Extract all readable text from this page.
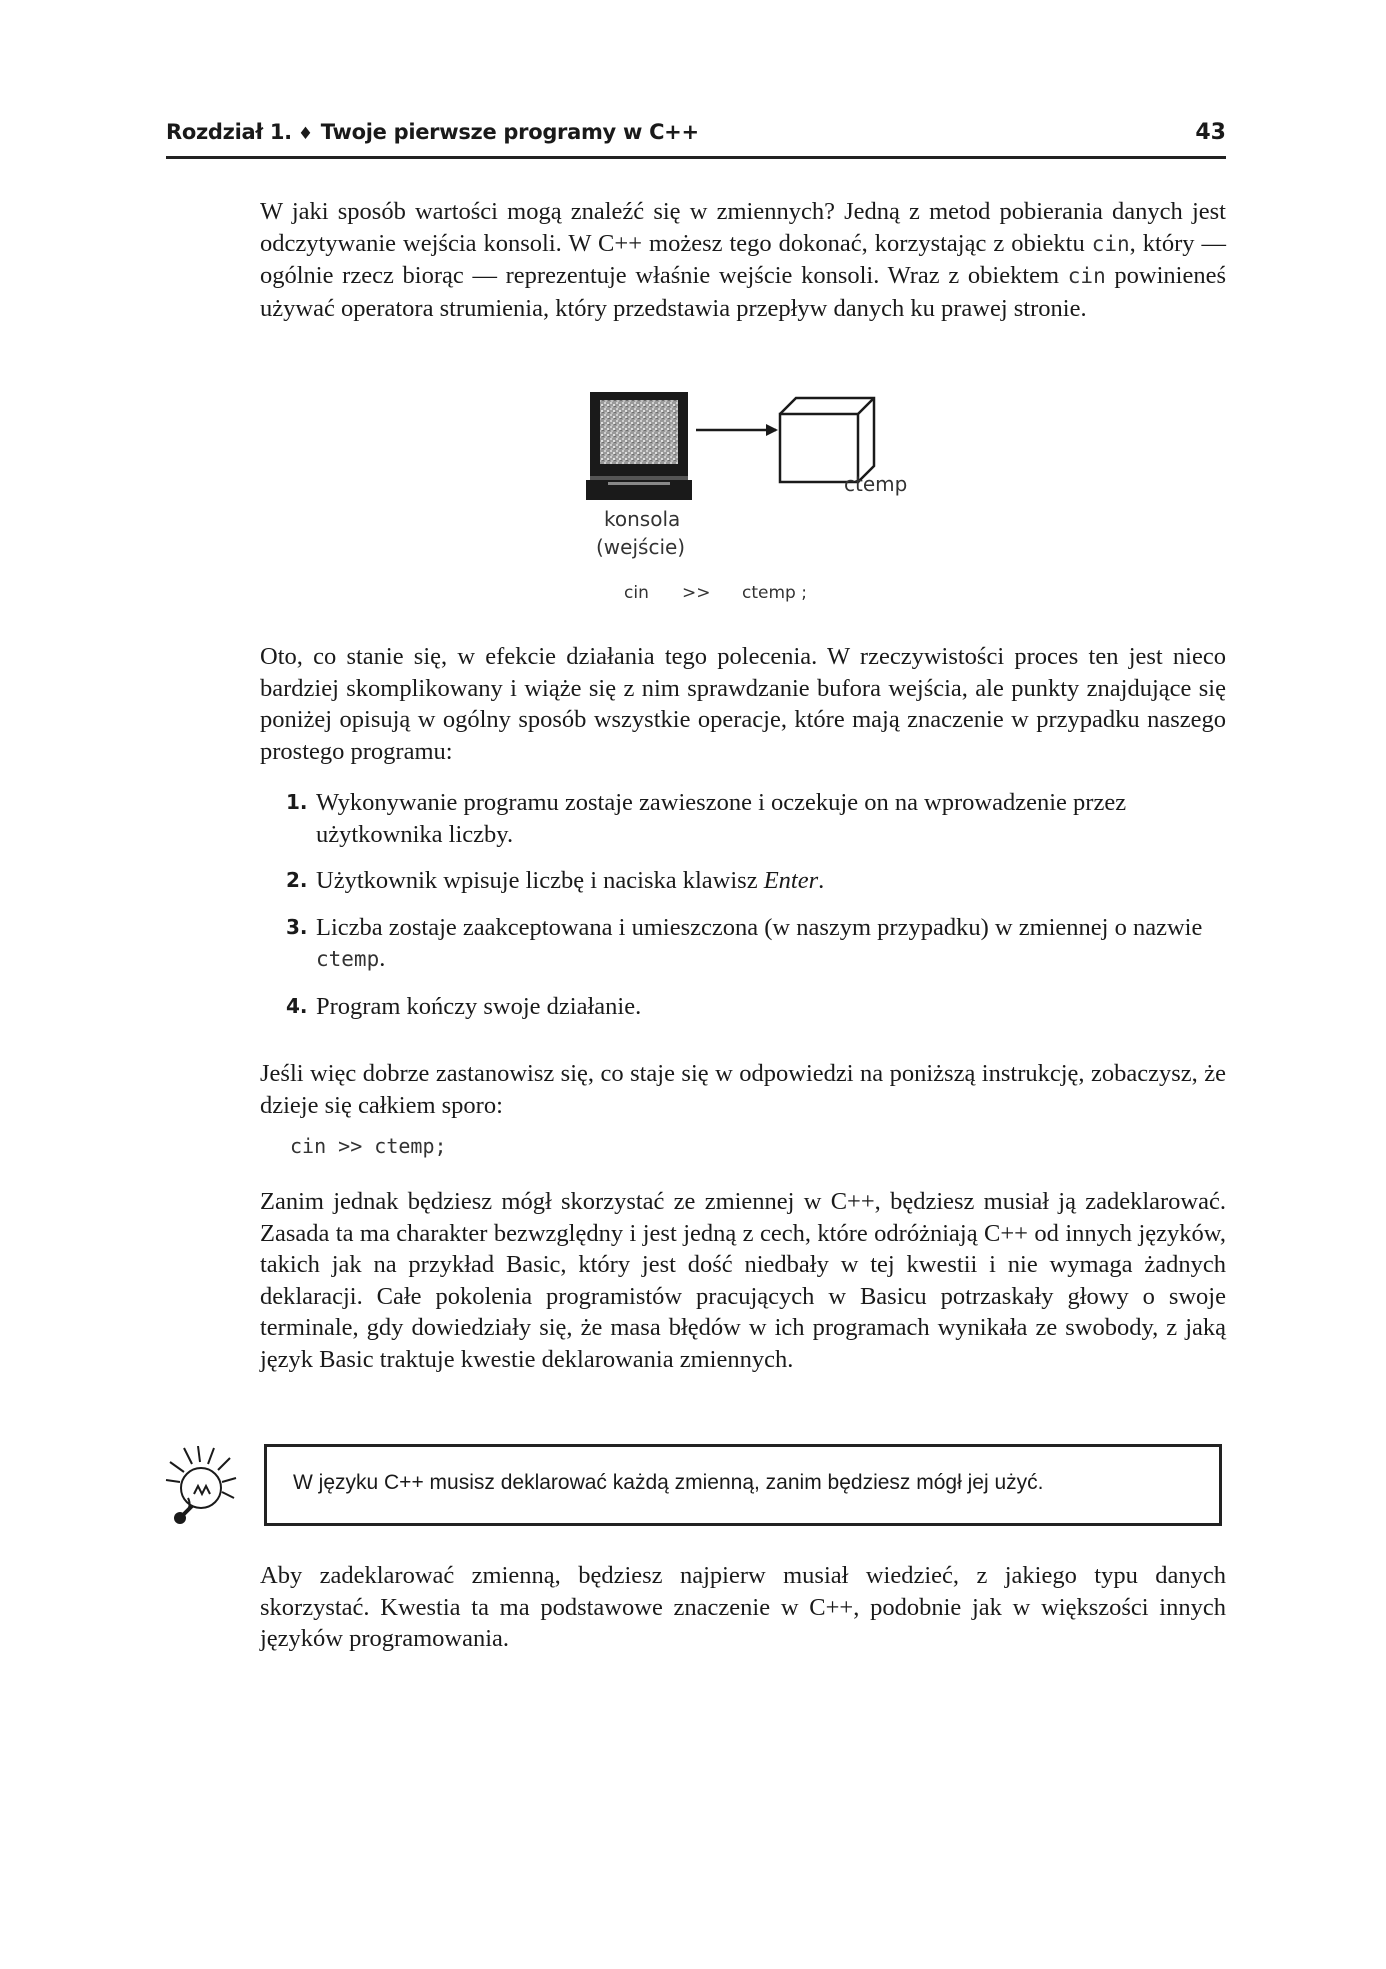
Rozdział 1. ♦ Twoje pierwsze programy w C++	43

W jaki sposób wartości mogą znaleźć się w zmiennych? Jedną z metod pobierania danych jest odczytywanie wejścia konsoli. W C++ możesz tego dokonać, korzystając z obiektu cin, który — ogólnie rzecz biorąc — reprezentuje właśnie wejście konsoli. Wraz z obiektem cin powinieneś używać operatora strumienia, który przedstawia przepływ danych ku prawej stronie.

ctemp
konsola
(wejście)
cin >> ctemp ;

Oto, co stanie się, w efekcie działania tego polecenia. W rzeczywistości proces ten jest nieco bardziej skomplikowany i wiąże się z nim sprawdzanie bufora wejścia, ale punkty znajdujące się poniżej opisują w ogólny sposób wszystkie operacje, które mają znaczenie w przypadku naszego prostego programu:

1. Wykonywanie programu zostaje zawieszone i oczekuje on na wprowadzenie przez użytkownika liczby.
2. Użytkownik wpisuje liczbę i naciska klawisz Enter.
3. Liczba zostaje zaakceptowana i umieszczona (w naszym przypadku) w zmiennej o nazwie ctemp.
4. Program kończy swoje działanie.

Jeśli więc dobrze zastanowisz się, co staje się w odpowiedzi na poniższą instrukcję, zobaczysz, że dzieje się całkiem sporo:

cin >> ctemp;

Zanim jednak będziesz mógł skorzystać ze zmiennej w C++, będziesz musiał ją zadeklarować. Zasada ta ma charakter bezwzględny i jest jedną z cech, które odróżniają C++ od innych języków, takich jak na przykład Basic, który jest dość niedbały w tej kwestii i nie wymaga żadnych deklaracji. Całe pokolenia programistów pracujących w Basicu potrzaskały głowy o swoje terminale, gdy dowiedziały się, że masa błędów w ich programach wynikała ze swobody, z jaką język Basic traktuje kwestie deklarowania zmiennych.

W języku C++ musisz deklarować każdą zmienną, zanim będziesz mógł jej użyć.

Aby zadeklarować zmienną, będziesz najpierw musiał wiedzieć, z jakiego typu danych skorzystać. Kwestia ta ma podstawowe znaczenie w C++, podobnie jak w większości innych języków programowania.
